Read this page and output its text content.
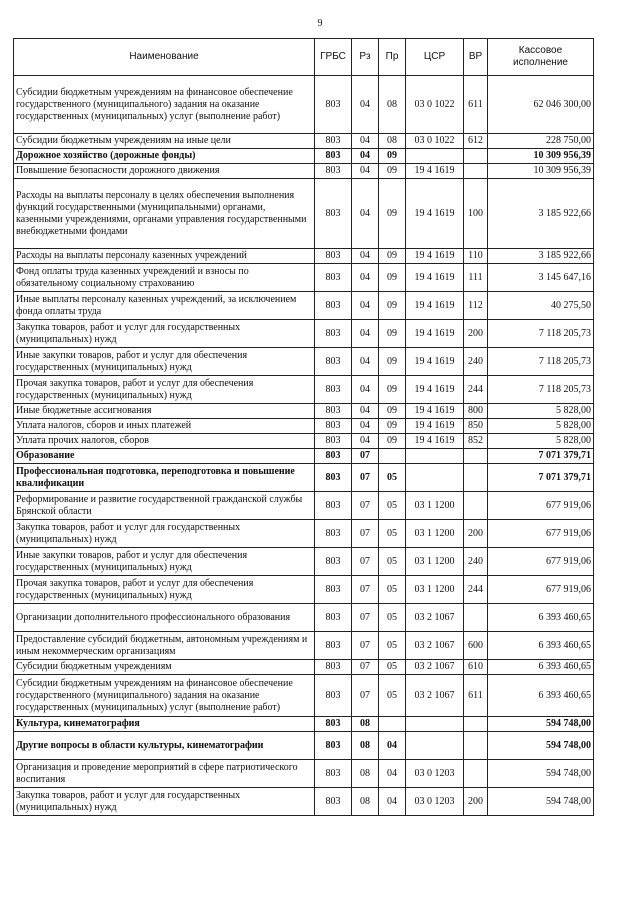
9
Наименование	ГРБС	Рз	Пр	ЦСР	ВР	Кассовое исполнение
Субсидии бюджетным учреждениям на финансовое обеспечение государственного (муниципального) задания на оказание государственных (муниципальных) услуг (выполнение работ)	803	04	08	03 0 1022	611	62 046 300,00
Субсидии бюджетным учреждениям на иные цели	803	04	08	03 0 1022	612	228 750,00
Дорожное хозяйство (дорожные фонды)	803	04	09			10 309 956,39
Повышение безопасности дорожного движения	803	04	09	19 4 1619		10 309 956,39
Расходы на выплаты персоналу в целях обеспечения выполнения функций государственными (муниципальными) органами, казенными учреждениями, органами управления государственными внебюджетными фондами	803	04	09	19 4 1619	100	3 185 922,66
Расходы на выплаты персоналу казенных учреждений	803	04	09	19 4 1619	110	3 185 922,66
Фонд оплаты труда казенных учреждений и взносы по обязательному социальному страхованию	803	04	09	19 4 1619	111	3 145 647,16
Иные выплаты персоналу казенных учреждений, за исключением фонда оплаты труда	803	04	09	19 4 1619	112	40 275,50
Закупка товаров, работ и услуг для государственных (муниципальных) нужд	803	04	09	19 4 1619	200	7 118 205,73
Иные закупки товаров, работ и услуг для обеспечения государственных (муниципальных) нужд	803	04	09	19 4 1619	240	7 118 205,73
Прочая закупка товаров, работ и услуг для обеспечения государственных (муниципальных) нужд	803	04	09	19 4 1619	244	7 118 205,73
Иные бюджетные ассигнования	803	04	09	19 4 1619	800	5 828,00
Уплата налогов, сборов и иных платежей	803	04	09	19 4 1619	850	5 828,00
Уплата прочих налогов, сборов	803	04	09	19 4 1619	852	5 828,00
Образование	803	07				7 071 379,71
Профессиональная подготовка, переподготовка и повышение квалификации	803	07	05			7 071 379,71
Реформирование и развитие государственной гражданской службы Брянской области	803	07	05	03 1 1200		677 919,06
Закупка товаров, работ и услуг для государственных (муниципальных) нужд	803	07	05	03 1 1200	200	677 919,06
Иные закупки товаров, работ и услуг для обеспечения государственных (муниципальных) нужд	803	07	05	03 1 1200	240	677 919,06
Прочая закупка товаров, работ и услуг для обеспечения государственных (муниципальных) нужд	803	07	05	03 1 1200	244	677 919,06
Организации дополнительного профессионального образования	803	07	05	03 2 1067		6 393 460,65
Предоставление субсидий бюджетным, автономным учреждениям и иным некоммерческим организациям	803	07	05	03 2 1067	600	6 393 460,65
Субсидии бюджетным учреждениям	803	07	05	03 2 1067	610	6 393 460,65
Субсидии бюджетным учреждениям на финансовое обеспечение государственного (муниципального) задания на оказание государственных (муниципальных) услуг (выполнение работ)	803	07	05	03 2 1067	611	6 393 460,65
Культура, кинематография	803	08				594 748,00
Другие вопросы в области культуры, кинематографии	803	08	04			594 748,00
Организация и проведение мероприятий в сфере патриотического воспитания	803	08	04	03 0 1203		594 748,00
Закупка товаров, работ и услуг для государственных (муниципальных) нужд	803	08	04	03 0 1203	200	594 748,00
